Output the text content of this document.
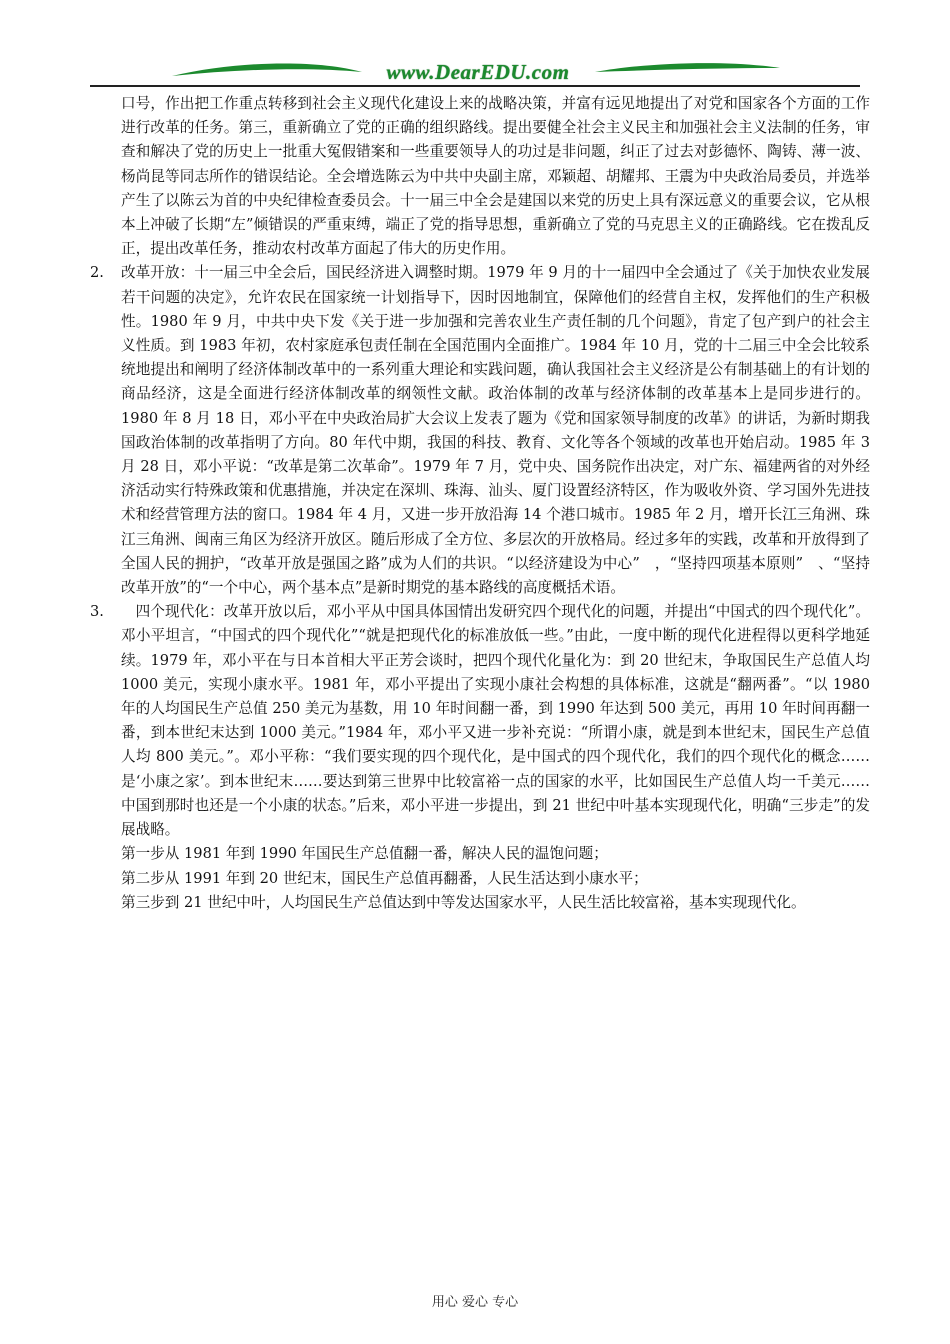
www.DearEDU.com

口号，作出把工作重点转移到社会主义现代化建设上来的战略决策，并富有远见地提出了对党和国家各个方面的工作进行改革的任务。第三，重新确立了党的正确的组织路线。提出要健全社会主义民主和加强社会主义法制的任务，审查和解决了党的历史上一批重大冤假错案和一些重要领导人的功过是非问题，纠正了过去对彭德怀、陶铸、薄一波、杨尚昆等同志所作的错误结论。全会增选陈云为中共中央副主席，邓颖超、胡耀邦、王震为中央政治局委员，并选举产生了以陈云为首的中央纪律检查委员会。十一届三中全会是建国以来党的历史上具有深远意义的重要会议，它从根本上冲破了长期“左”倾错误的严重束缚，端正了党的指导思想，重新确立了党的马克思主义的正确路线。它在拨乱反正，提出改革任务，推动农村改革方面起了伟大的历史作用。

2. 改革开放：十一届三中全会后，国民经济进入调整时期。1979 年 9 月的十一届四中全会通过了《关于加快农业发展若干问题的决定》，允许农民在国家统一计划指导下，因时因地制宜，保障他们的经营自主权，发挥他们的生产积极性。1980 年 9 月，中共中央下发《关于进一步加强和完善农业生产责任制的几个问题》，肯定了包产到户的社会主义性质。到 1983 年初，农村家庭承包责任制在全国范围内全面推广。1984 年 10 月，党的十二届三中全会比较系统地提出和阐明了经济体制改革中的一系列重大理论和实践问题，确认我国社会主义经济是公有制基础上的有计划的商品经济，这是全面进行经济体制改革的纲领性文献。政治体制的改革与经济体制的改革基本上是同步进行的。1980 年 8 月 18 日，邓小平在中央政治局扩大会议上发表了题为《党和国家领导制度的改革》的讲话，为新时期我国政治体制的改革指明了方向。80 年代中期，我国的科技、教育、文化等各个领域的改革也开始启动。1985 年 3 月 28 日，邓小平说：“改革是第二次革命”。1979 年 7 月，党中央、国务院作出决定，对广东、福建两省的对外经济活动实行特殊政策和优惠措施，并决定在深圳、珠海、汕头、厦门设置经济特区，作为吸收外资、学习国外先进技术和经营管理方法的窗口。1984 年 4 月，又进一步开放沿海 14 个港口城市。1985 年 2 月，增开长江三角洲、珠江三角洲、闽南三角区为经济开放区。随后形成了全方位、多层次的开放格局。经过多年的实践，改革和开放得到了全国人民的拥护，“改革开放是强国之路”成为人们的共识。“以经济建设为中心”　，“坚持四项基本原则”　、“坚持改革开放”的“一个中心，两个基本点”是新时期党的基本路线的高度概括术语。
3. 　四个现代化：改革开放以后，邓小平从中国具体国情出发研究四个现代化的问题，并提出“中国式的四个现代化”。邓小平坦言，“中国式的四个现代化”“就是把现代化的标准放低一些。”由此，一度中断的现代化进程得以更科学地延续。1979 年，邓小平在与日本首相大平正芳会谈时，把四个现代化量化为：到 20 世纪末，争取国民生产总值人均 1000 美元，实现小康水平。1981 年，邓小平提出了实现小康社会构想的具体标准，这就是“翻两番”。“以 1980 年的人均国民生产总值 250 美元为基数，用 10 年时间翻一番，到 1990 年达到 500 美元，再用 10 年时间再翻一番，到本世纪末达到 1000 美元。”1984 年，邓小平又进一步补充说：“所谓小康，就是到本世纪末，国民生产总值人均 800 美元。”。邓小平称：“我们要实现的四个现代化，是中国式的四个现代化，我们的四个现代化的概念……是‘小康之家’。到本世纪末……要达到第三世界中比较富裕一点的国家的水平，比如国民生产总值人均一千美元……中国到那时也还是一个小康的状态。”后来，邓小平进一步提出，到 21 世纪中叶基本实现现代化，明确“三步走”的发展战略。

第一步从 1981 年到 1990 年国民生产总值翻一番，解决人民的温饱问题；

第二步从 1991 年到 20 世纪末，国民生产总值再翻番，人民生活达到小康水平；

第三步到 21 世纪中叶，人均国民生产总值达到中等发达国家水平，人民生活比较富裕，基本实现现代化。

用心 爱心 专心
